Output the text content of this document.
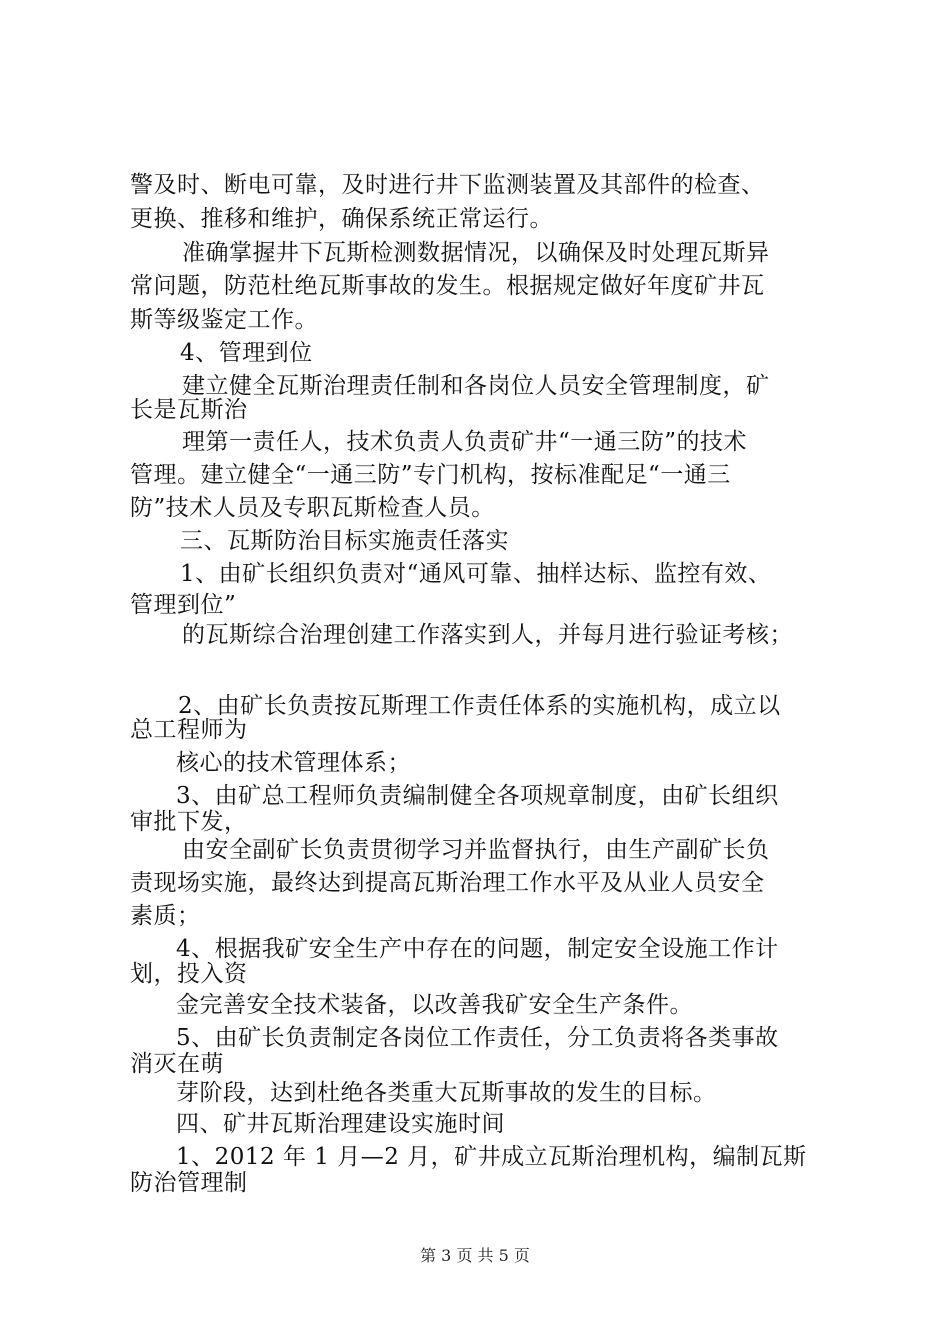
警及时、断电可靠，及时进行井下监测装置及其部件的检查、
更换、推移和维护，确保系统正常运行。
准确掌握井下瓦斯检测数据情况，以确保及时处理瓦斯异
常问题，防范杜绝瓦斯事故的发生。根据规定做好年度矿井瓦
斯等级鉴定工作。
4、管理到位
建立健全瓦斯治理责任制和各岗位人员安全管理制度，矿
长是瓦斯治
理第一责任人，技术负责人负责矿井“一通三防”的技术
管理。建立健全“一通三防”专门机构，按标准配足“一通三
防”技术人员及专职瓦斯检查人员。
三、瓦斯防治目标实施责任落实
1、由矿长组织负责对“通风可靠、抽样达标、监控有效、
管理到位”
的瓦斯综合治理创建工作落实到人，并每月进行验证考核；
2、由矿长负责按瓦斯理工作责任体系的实施机构，成立以
总工程师为
核心的技术管理体系；
3、由矿总工程师负责编制健全各项规章制度，由矿长组织
审批下发，
由安全副矿长负责贯彻学习并监督执行，由生产副矿长负
责现场实施，最终达到提高瓦斯治理工作水平及从业人员安全
素质；
4、根据我矿安全生产中存在的问题，制定安全设施工作计
划，投入资
金完善安全技术装备，以改善我矿安全生产条件。
5、由矿长负责制定各岗位工作责任，分工负责将各类事故
消灭在萌
芽阶段，达到杜绝各类重大瓦斯事故的发生的目标。
四、矿井瓦斯治理建设实施时间
1、2012 年 1 月—2 月，矿井成立瓦斯治理机构，编制瓦斯
防治管理制
第 3 页 共 5 页
